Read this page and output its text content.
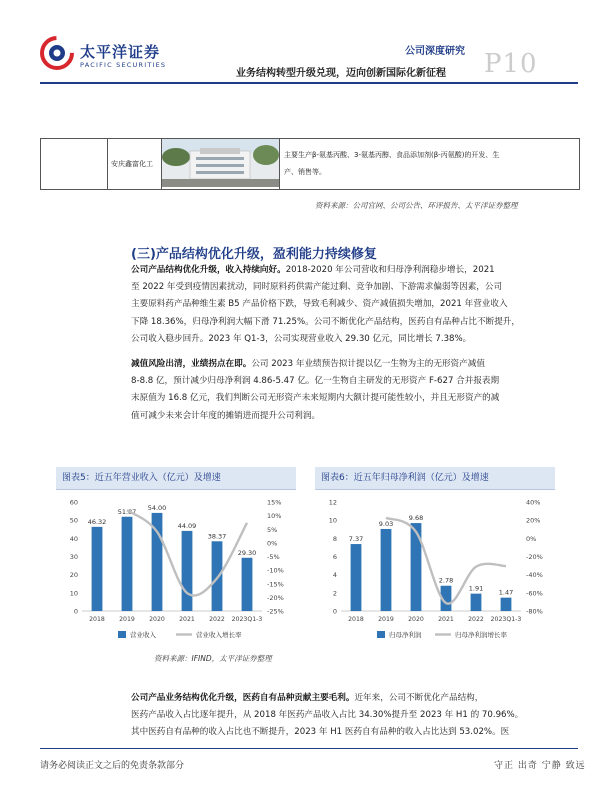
太平洋证券
PACIFIC SECURITIES
公司深度研究
业务结构转型升级兑现，迈向创新国际化新征程 P10
	安庆鑫富化工		
主要生产β-氨基丙酸、3-氨基丙醇、食品添加剂(β-丙氨酸)的开发、生
产、销售等。
资料来源：公司官网、公司公告、环评报告、太平洋证券整理
(三)产品结构优化升级，盈利能力持续修复
公司产品结构优化升级，收入持续向好。2018-2020 年公司营收和归母净利润稳步增长，2021
至 2022 年受到疫情因素扰动，同时原料药供需产能过剩、竞争加剧、下游需求偏弱等因素，公司
主要原料药产品种维生素 B5 产品价格下跌，导致毛利减少、资产减值损失增加，2021 年营业收入
下降 18.36%，归母净利润大幅下滑 71.25%。公司不断优化产品结构，医药自有品种占比不断提升，
公司收入稳步回升。2023 年 Q1-3，公司实现营业收入 29.30 亿元，同比增长 7.38%。
减值风险出清，业绩拐点在即。公司 2023 年业绩预告拟计提以亿一生物为主的无形资产减值
8-8.8 亿，预计减少归母净利润 4.86-5.47 亿。亿一生物自主研发的无形资产 F-627 合并报表期
末原值为 16.8 亿元，我们判断公司无形资产未来短期内大额计提可能性较小，并且无形资产的减
值可减少未来会计年度的摊销进而提升公司利润。
图表5：近五年营业收入（亿元）及增速
0
10
20
30
40
50
60
-25%
-20%
-15%
-10%
-5%
0%
5%
10%
15%
46.32
2018
51.87
2019
54.00
2020
44.09
2021
38.37
2022
29.30
2023Q1-3
营业收入	营业收入增长率
图表6：近五年归母净利润（亿元）及增速
0
2
4
6
8
10
12
-80%
-60%
-40%
-20%
0%
20%
40%
7.37
2018
9.03
2019
9.68
2020
2.78
2021
1.91
2022
1.47
2023Q1-3
归母净利润	归母净利润增长率
资料来源：IFIND，太平洋证券整理
公司产品业务结构优化升级，医药自有品种贡献主要毛利。近年来，公司不断优化产品结构，
医药产品收入占比逐年提升，从 2018 年医药产品收入占比 34.30%提升至 2023 年 H1 的 70.96%。
其中医药自有品种的收入占比也不断提升，2023 年 H1 医药自有品种的收入占比达到 53.02%。医
请务必阅读正文之后的免责条款部分	守正 出奇 宁静 致远
